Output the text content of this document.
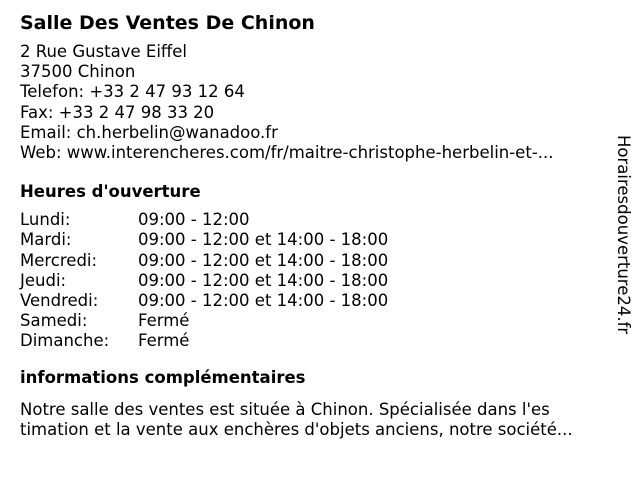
Salle Des Ventes De Chinon
2 Rue Gustave Eiffel
37500 Chinon
Telefon: +33 2 47 93 12 64
Fax: +33 2 47 98 33 20
Email: ch.herbelin@wanadoo.fr
Web: www.interencheres.com/fr/maitre-christophe-herbelin-et-...
Heures d'ouverture
Lundi:	09:00 - 12:00
Mardi:	09:00 - 12:00 et 14:00 - 18:00
Mercredi:	09:00 - 12:00 et 14:00 - 18:00
Jeudi:	09:00 - 12:00 et 14:00 - 18:00
Vendredi:	09:00 - 12:00 et 14:00 - 18:00
Samedi:	Fermé
Dimanche:	Fermé
informations complémentaires
Notre salle des ventes est située à Chinon. Spécialisée dans l'es
timation et la vente aux enchères d'objets anciens, notre société...
Horairesdouverture24.fr
